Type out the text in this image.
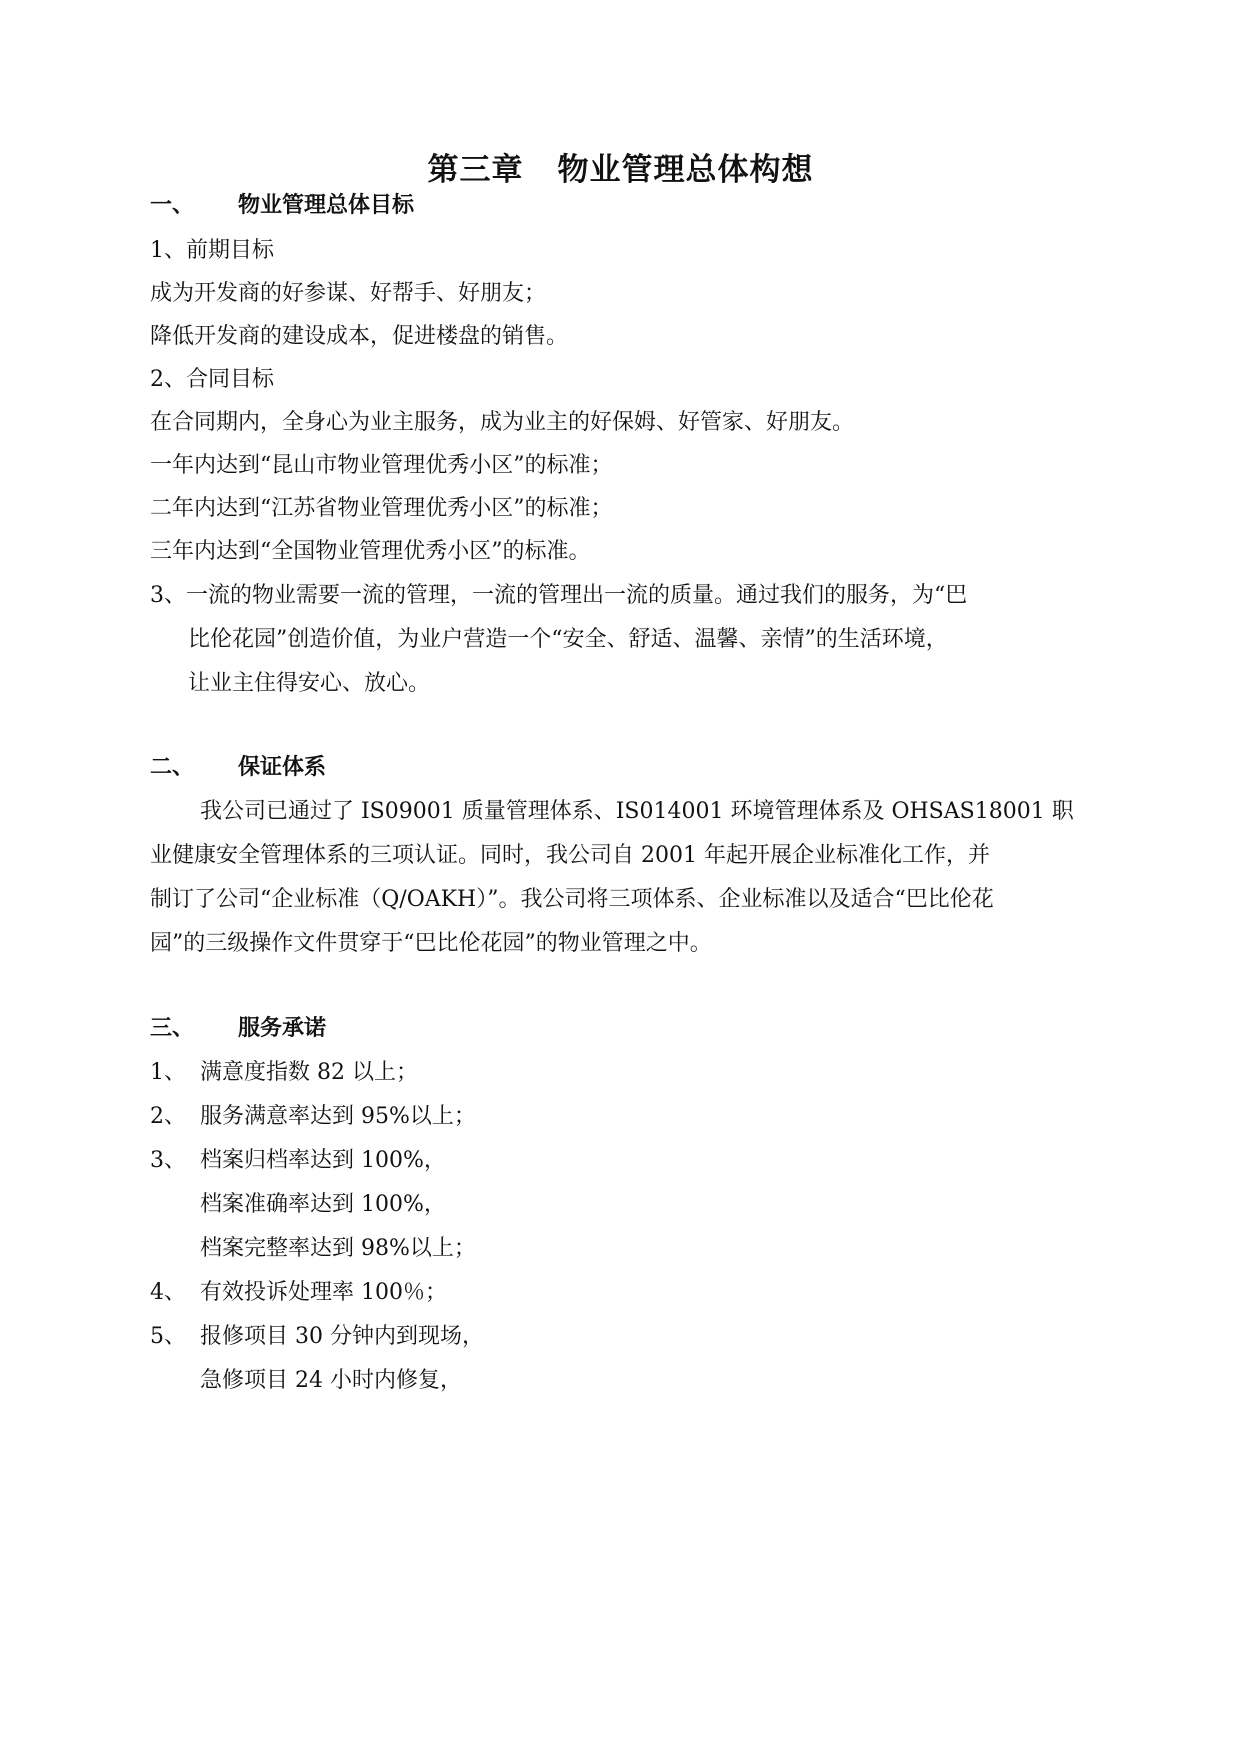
第三章 物业管理总体构想
一、 物业管理总体目标
1、前期目标
成为开发商的好参谋、好帮手、好朋友；
降低开发商的建设成本，促进楼盘的销售。
2、合同目标
在合同期内，全身心为业主服务，成为业主的好保姆、好管家、好朋友。
一年内达到“昆山市物业管理优秀小区”的标准；
二年内达到“江苏省物业管理优秀小区”的标准；
三年内达到“全国物业管理优秀小区”的标准。
3、一流的物业需要一流的管理，一流的管理出一流的质量。通过我们的服务，为“巴
比伦花园”创造价值，为业户营造一个“安全、舒适、温馨、亲情”的生活环境，
让业主住得安心、放心。
二、 保证体系
我公司已通过了 IS09001 质量管理体系、IS014001 环境管理体系及 OHSAS18001 职
业健康安全管理体系的三项认证。同时，我公司自 2001 年起开展企业标准化工作，并
制订了公司“企业标准（Q/OAKH）”。我公司将三项体系、企业标准以及适合“巴比伦花
园”的三级操作文件贯穿于“巴比伦花园”的物业管理之中。
三、 服务承诺
1、 满意度指数 82 以上；
2、 服务满意率达到 95%以上；
3、 档案归档率达到 100%，
档案准确率达到 100%，
档案完整率达到 98%以上；
4、 有效投诉处理率 100％；
5、 报修项目 30 分钟内到现场，
急修项目 24 小时内修复，
